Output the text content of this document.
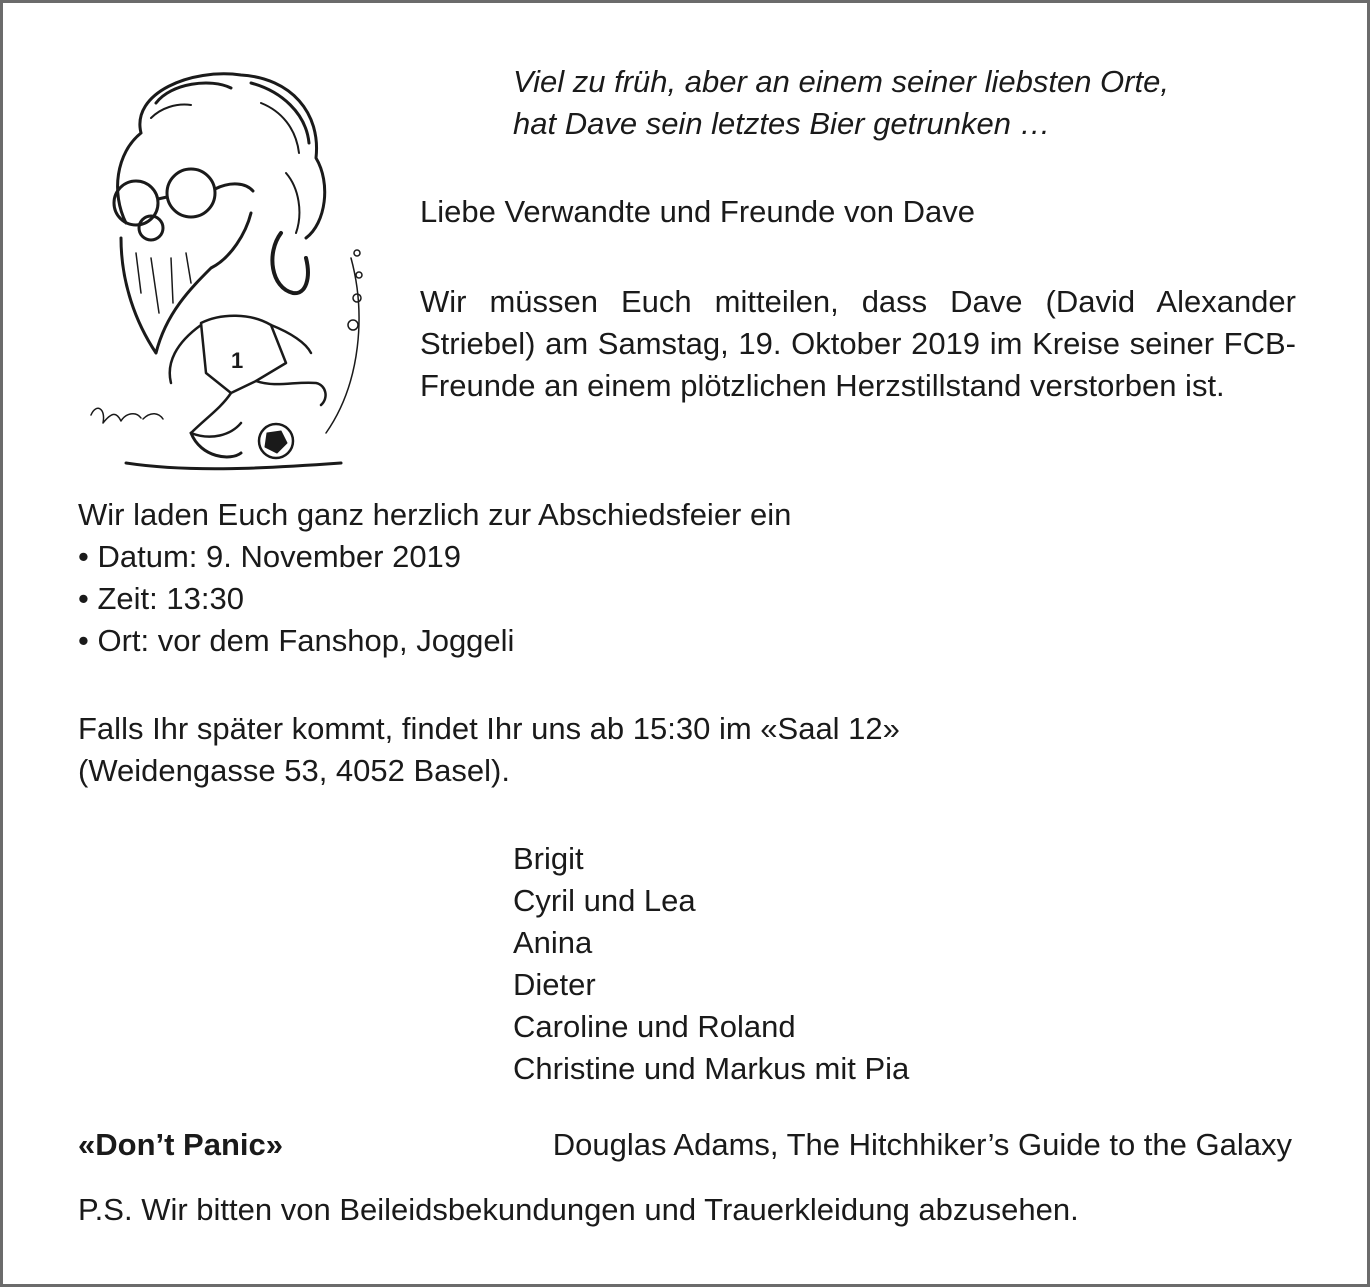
1

Viel zu früh, aber an einem seiner liebsten Orte,
hat Dave sein letztes Bier getrunken …

Liebe Verwandte und Freunde von Dave

Wir müssen Euch mitteilen, dass Dave (David Alexander Striebel) am Samstag, 19. Oktober 2019 im Kreise seiner FCB-Freunde an einem plötzlichen Herzstillstand verstorben ist.

Wir laden Euch ganz herzlich zur Abschiedsfeier ein

• Datum: 9. November 2019
• Zeit: 13:30
• Ort: vor dem Fanshop, Joggeli

Falls Ihr später kommt, findet Ihr uns ab 15:30 im «Saal 12»
(Weidengasse 53, 4052 Basel).

Brigit
Cyril und Lea
Anina
Dieter
Caroline und Roland
Christine und Markus mit Pia

«Don’t Panic»	Douglas Adams, The Hitchhiker’s Guide to the Galaxy

P.S. Wir bitten von Beileidsbekundungen und Trauerkleidung abzusehen.
